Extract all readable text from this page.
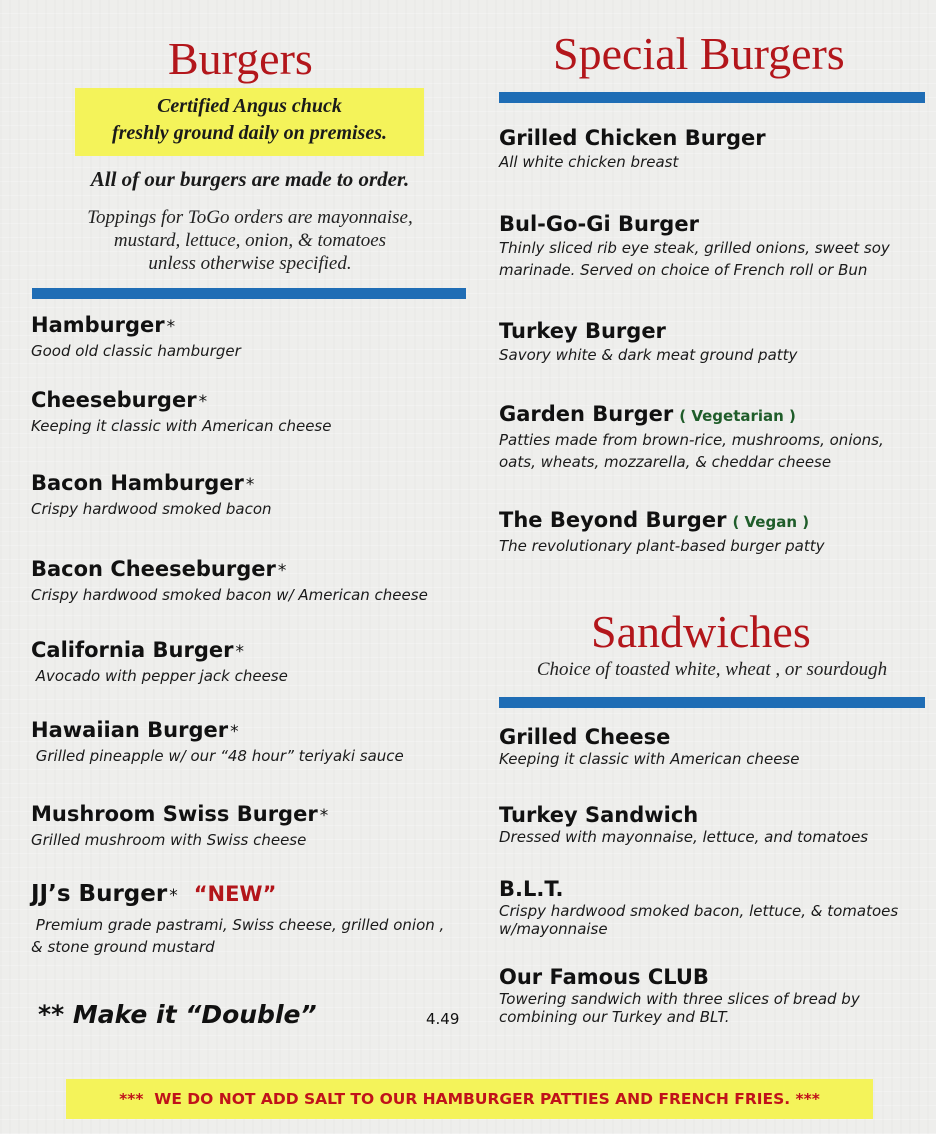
Burgers
Certified Angus chuck
freshly ground daily on premises.
All of our burgers are made to order.
Toppings for ToGo orders are mayonnaise,
mustard, lettuce, onion, & tomatoes
unless otherwise specified.
Hamburger *
Good old classic hamburger
Cheeseburger *
Keeping it classic with American cheese
Bacon Hamburger *
Crispy hardwood smoked bacon
Bacon Cheeseburger *
Crispy hardwood smoked bacon w/ American cheese
California Burger *
Avocado with pepper jack cheese
Hawaiian Burger *
Grilled pineapple w/ our “48 hour” teriyaki sauce
Mushroom Swiss Burger *
Grilled mushroom with Swiss cheese
JJ’s Burger * “NEW”
Premium grade pastrami, Swiss cheese, grilled onion ,
& stone ground mustard
** Make it “Double”	4.49
Special Burgers
Grilled Chicken Burger
All white chicken breast
Bul-Go-Gi Burger
Thinly sliced rib eye steak, grilled onions, sweet soy
marinade. Served on choice of French roll or Bun
Turkey Burger
Savory white & dark meat ground patty
Garden Burger ( Vegetarian )
Patties made from brown-rice, mushrooms, onions,
oats, wheats, mozzarella, & cheddar cheese
The Beyond Burger ( Vegan )
The revolutionary plant-based burger patty
Sandwiches
Choice of toasted white, wheat , or sourdough
Grilled Cheese
Keeping it classic with American cheese
Turkey Sandwich
Dressed with mayonnaise, lettuce, and tomatoes
B.L.T.
Crispy hardwood smoked bacon, lettuce, & tomatoes
w/mayonnaise
Our Famous CLUB
Towering sandwich with three slices of bread by
combining our Turkey and BLT.
***  WE DO NOT ADD SALT TO OUR HAMBURGER PATTIES AND FRENCH FRIES. ***
